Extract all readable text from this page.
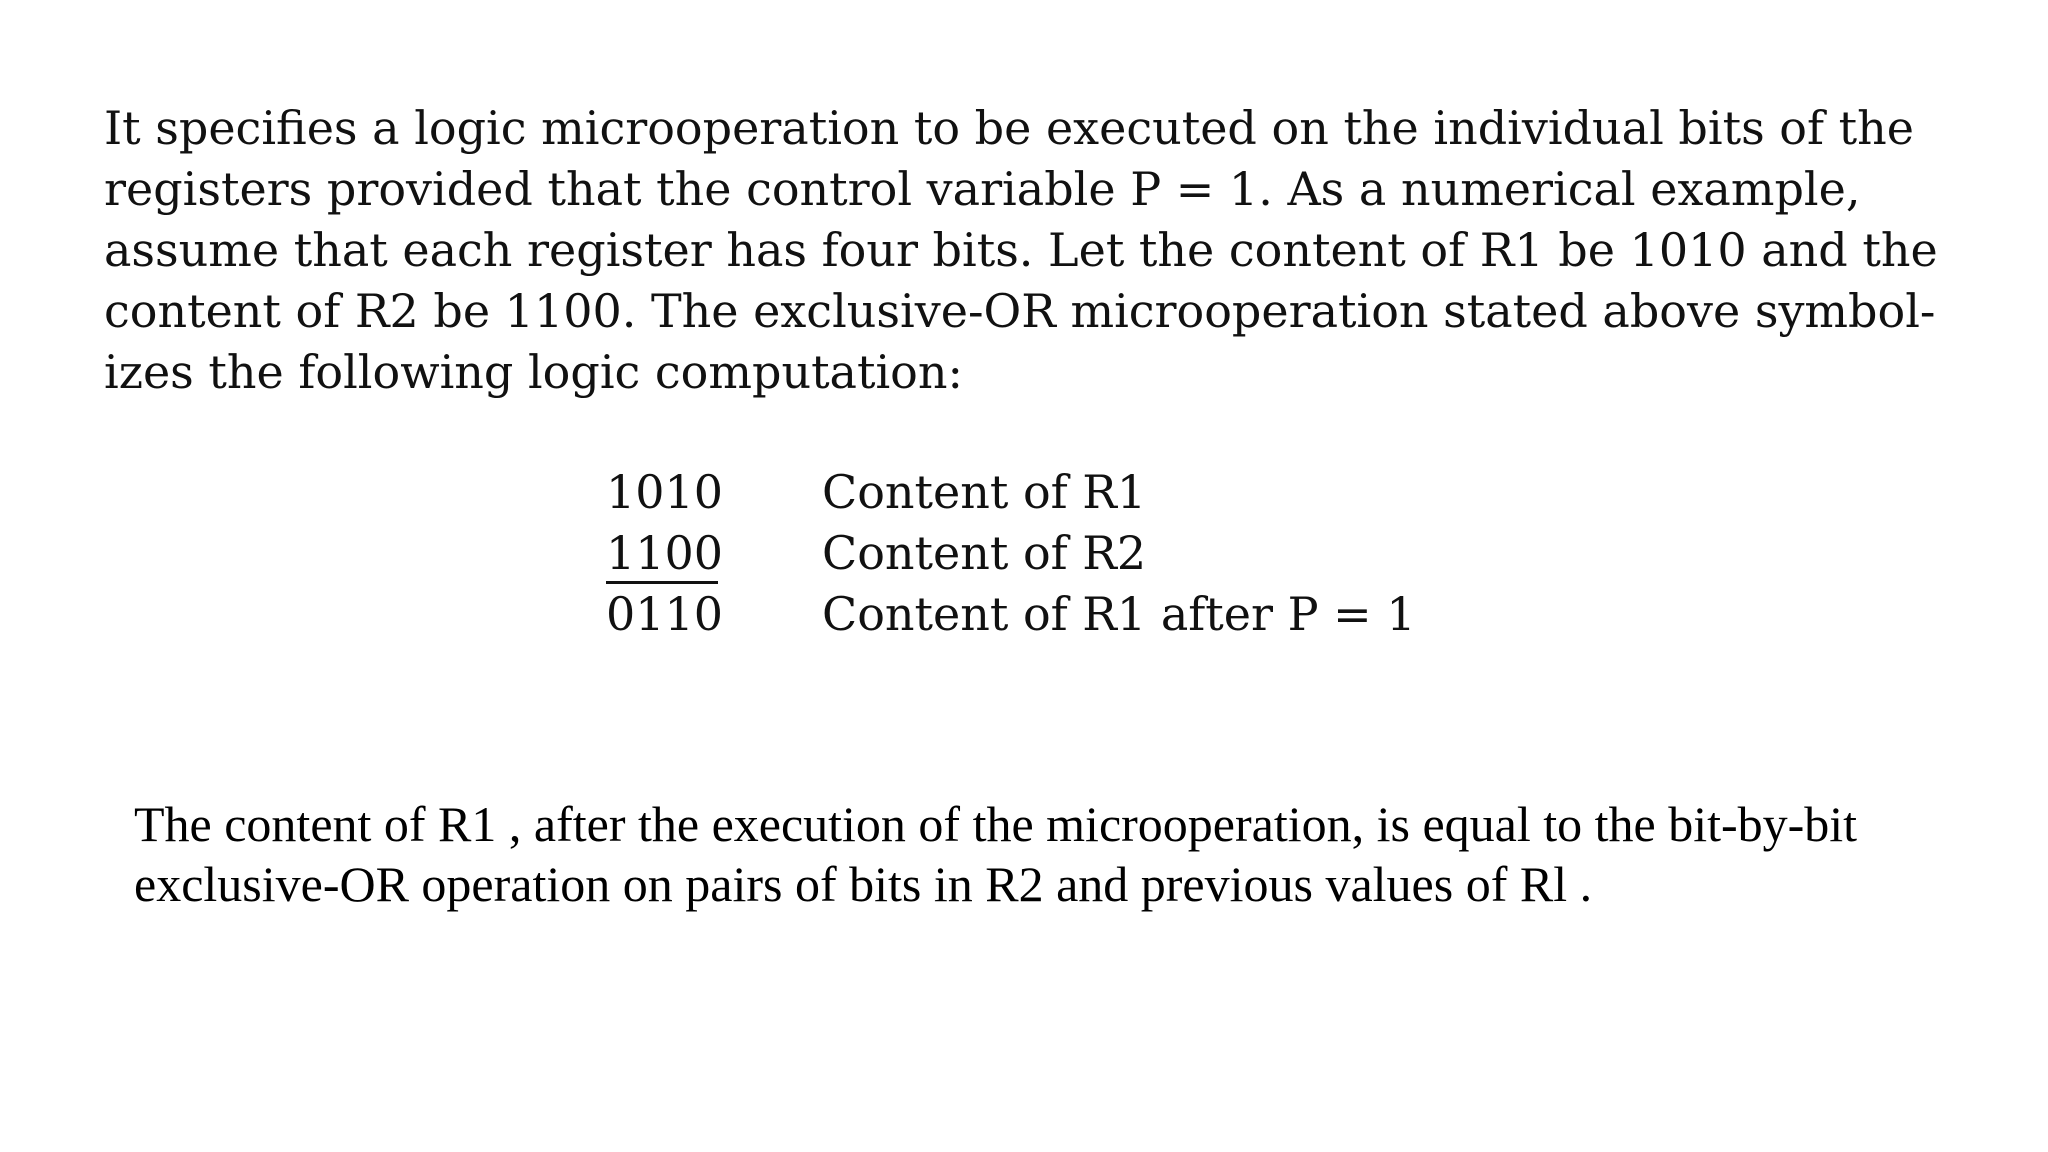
It specifies a logic microoperation to be executed on the individual bits of the
registers provided that the control variable P = 1. As a numerical example,
assume that each register has four bits. Let the content of R1 be 1010 and the
content of R2 be 1100. The exclusive-OR microoperation stated above symbol-
izes the following logic computation:
1010 Content of R1
1100 Content of R2
0110 Content of R1 after P = 1
The content of R1 , after the execution of the microoperation, is equal to the bit-by-bit
exclusive-OR operation on pairs of bits in R2 and previous values of Rl .
